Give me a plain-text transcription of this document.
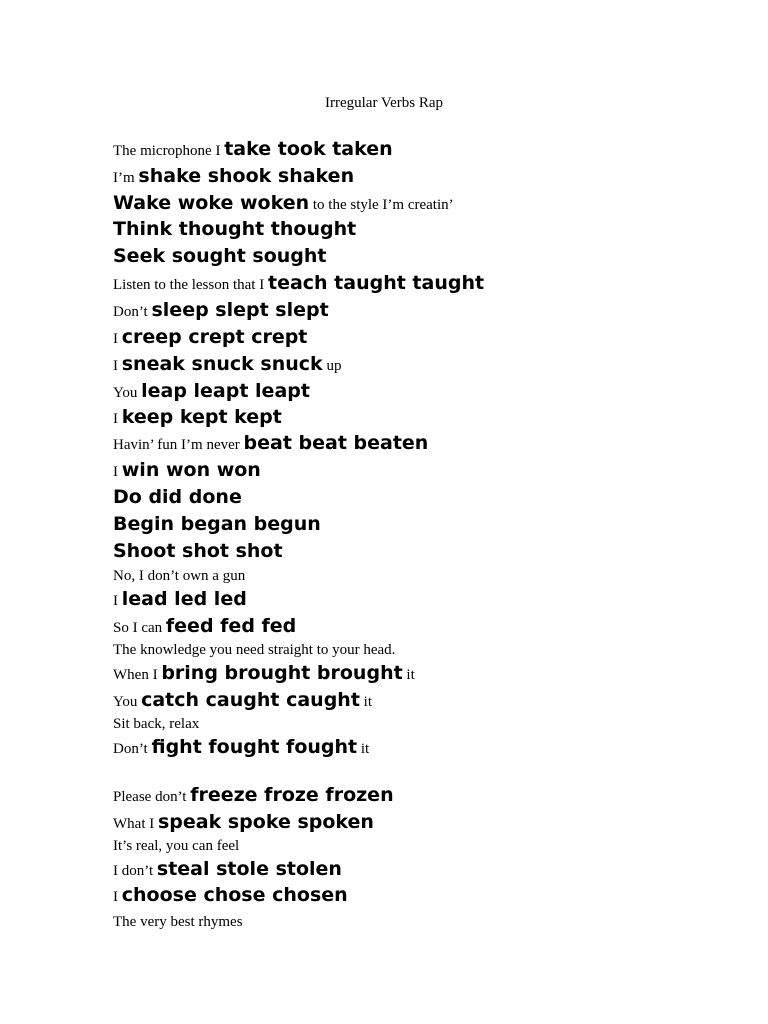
Irregular Verbs Rap
The microphone I take took taken
I’m shake shook shaken
Wake woke woken to the style I’m creatin’
Think thought thought
Seek sought sought
Listen to the lesson that I teach taught taught
Don’t sleep slept slept
I creep crept crept
I sneak snuck snuck up
You leap leapt leapt
I keep kept kept
Havin’ fun I’m never beat beat beaten
I win won won
Do did done
Begin began begun
Shoot shot shot
No, I don’t own a gun
I lead led led
So I can feed fed fed
The knowledge you need straight to your head.
When I bring brought brought it
You catch caught caught it
Sit back, relax
Don’t fight fought fought it
Please don’t freeze froze frozen
What I speak spoke spoken
It’s real, you can feel
I don’t steal stole stolen
I choose chose chosen
The very best rhymes
